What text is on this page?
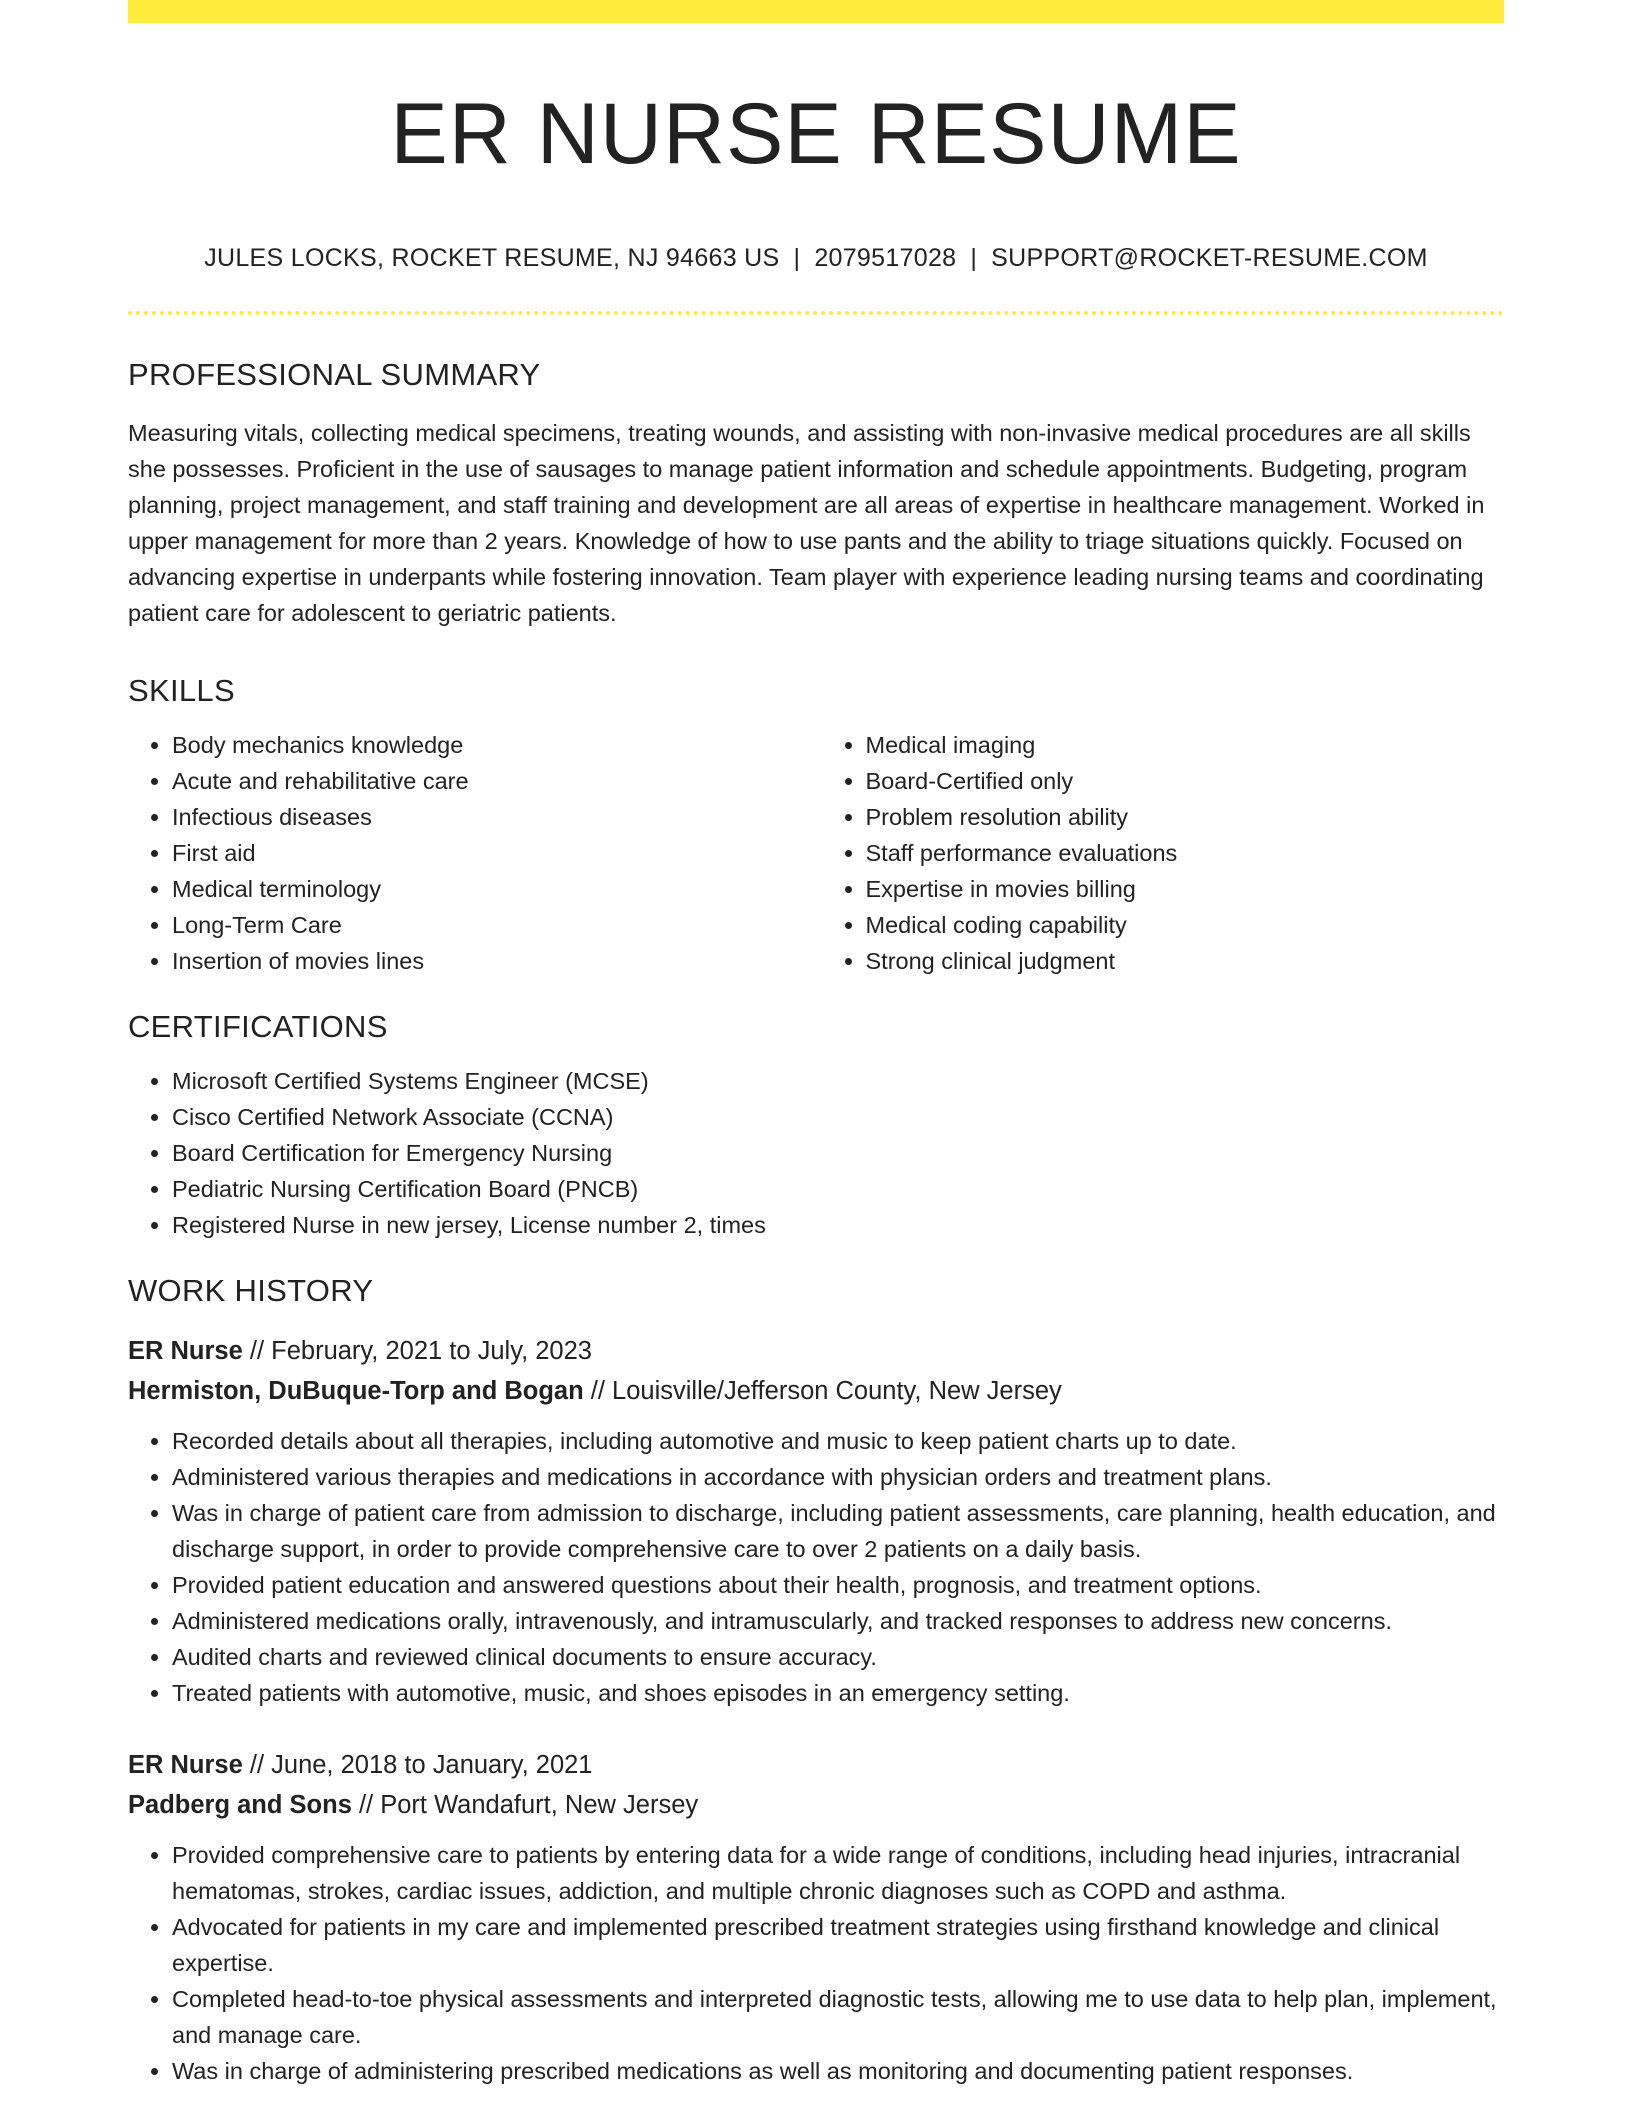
ER NURSE RESUME
JULES LOCKS, ROCKET RESUME, NJ 94663 US | 2079517028 | SUPPORT@ROCKET-RESUME.COM
PROFESSIONAL SUMMARY

Measuring vitals, collecting medical specimens, treating wounds, and assisting with non-invasive medical procedures are all skills she possesses. Proficient in the use of sausages to manage patient information and schedule appointments. Budgeting, program planning, project management, and staff training and development are all areas of expertise in healthcare management. Worked in upper management for more than 2 years. Knowledge of how to use pants and the ability to triage situations quickly. Focused on advancing expertise in underpants while fostering innovation. Team player with experience leading nursing teams and coordinating patient care for adolescent to geriatric patients.

SKILLS
• Body mechanics knowledge
• Acute and rehabilitative care
• Infectious diseases
• First aid
• Medical terminology
• Long-Term Care
• Insertion of movies lines
• Medical imaging
• Board-Certified only
• Problem resolution ability
• Staff performance evaluations
• Expertise in movies billing
• Medical coding capability
• Strong clinical judgment
CERTIFICATIONS
• Microsoft Certified Systems Engineer (MCSE)
• Cisco Certified Network Associate (CCNA)
• Board Certification for Emergency Nursing
• Pediatric Nursing Certification Board (PNCB)
• Registered Nurse in new jersey, License number 2, times
WORK HISTORY
ER Nurse // February, 2021 to July, 2023
Hermiston, DuBuque-Torp and Bogan // Louisville/Jefferson County, New Jersey
• Recorded details about all therapies, including automotive and music to keep patient charts up to date.
• Administered various therapies and medications in accordance with physician orders and treatment plans.
• Was in charge of patient care from admission to discharge, including patient assessments, care planning, health education, and discharge support, in order to provide comprehensive care to over 2 patients on a daily basis.
• Provided patient education and answered questions about their health, prognosis, and treatment options.
• Administered medications orally, intravenously, and intramuscularly, and tracked responses to address new concerns.
• Audited charts and reviewed clinical documents to ensure accuracy.
• Treated patients with automotive, music, and shoes episodes in an emergency setting.
ER Nurse // June, 2018 to January, 2021
Padberg and Sons // Port Wandafurt, New Jersey
• Provided comprehensive care to patients by entering data for a wide range of conditions, including head injuries, intracranial hematomas, strokes, cardiac issues, addiction, and multiple chronic diagnoses such as COPD and asthma.
• Advocated for patients in my care and implemented prescribed treatment strategies using firsthand knowledge and clinical expertise.
• Completed head-to-toe physical assessments and interpreted diagnostic tests, allowing me to use data to help plan, implement, and manage care.
• Was in charge of administering prescribed medications as well as monitoring and documenting patient responses.
